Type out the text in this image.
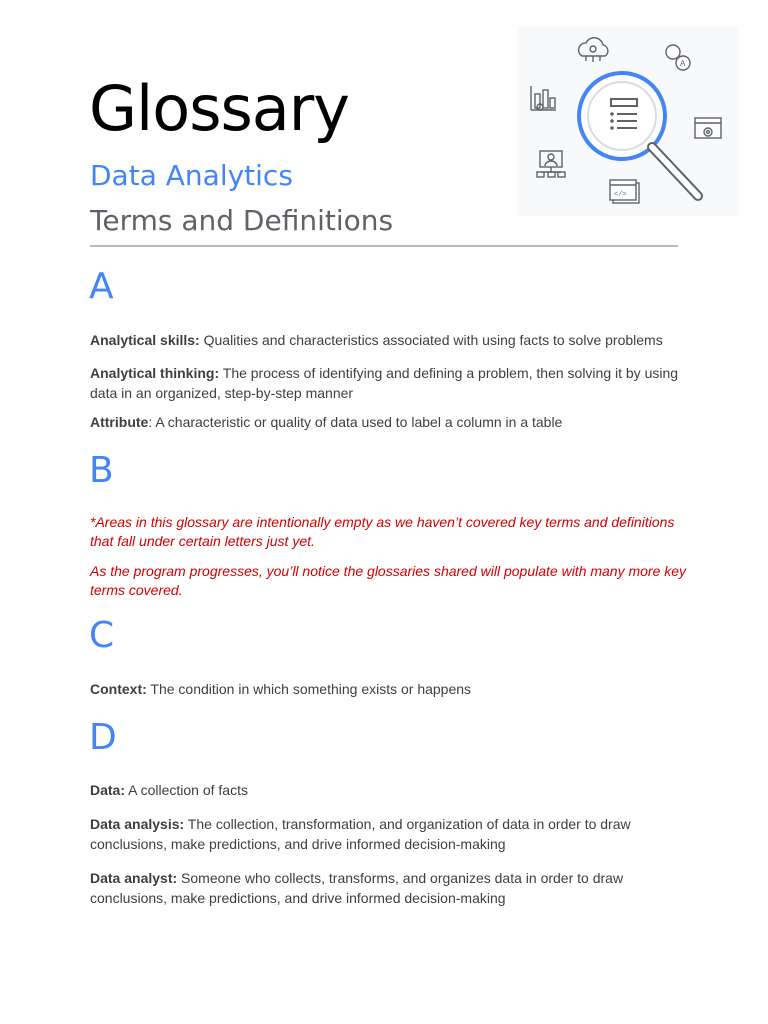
Glossary
Data Analytics
Terms and Definitions
A
</>
A

Analytical skills: Qualities and characteristics associated with using facts to solve problems

Analytical thinking: The process of identifying and defining a problem, then solving it by using data in an organized, step-by-step manner

Attribute: A characteristic or quality of data used to label a column in a table

B

*Areas in this glossary are intentionally empty as we haven’t covered key terms and definitions that fall under certain letters just yet.

As the program progresses, you’ll notice the glossaries shared will populate with many more key terms covered.

C

Context: The condition in which something exists or happens

D

Data: A collection of facts

Data analysis: The collection, transformation, and organization of data in order to draw conclusions, make predictions, and drive informed decision-making

Data analyst: Someone who collects, transforms, and organizes data in order to draw conclusions, make predictions, and drive informed decision-making
